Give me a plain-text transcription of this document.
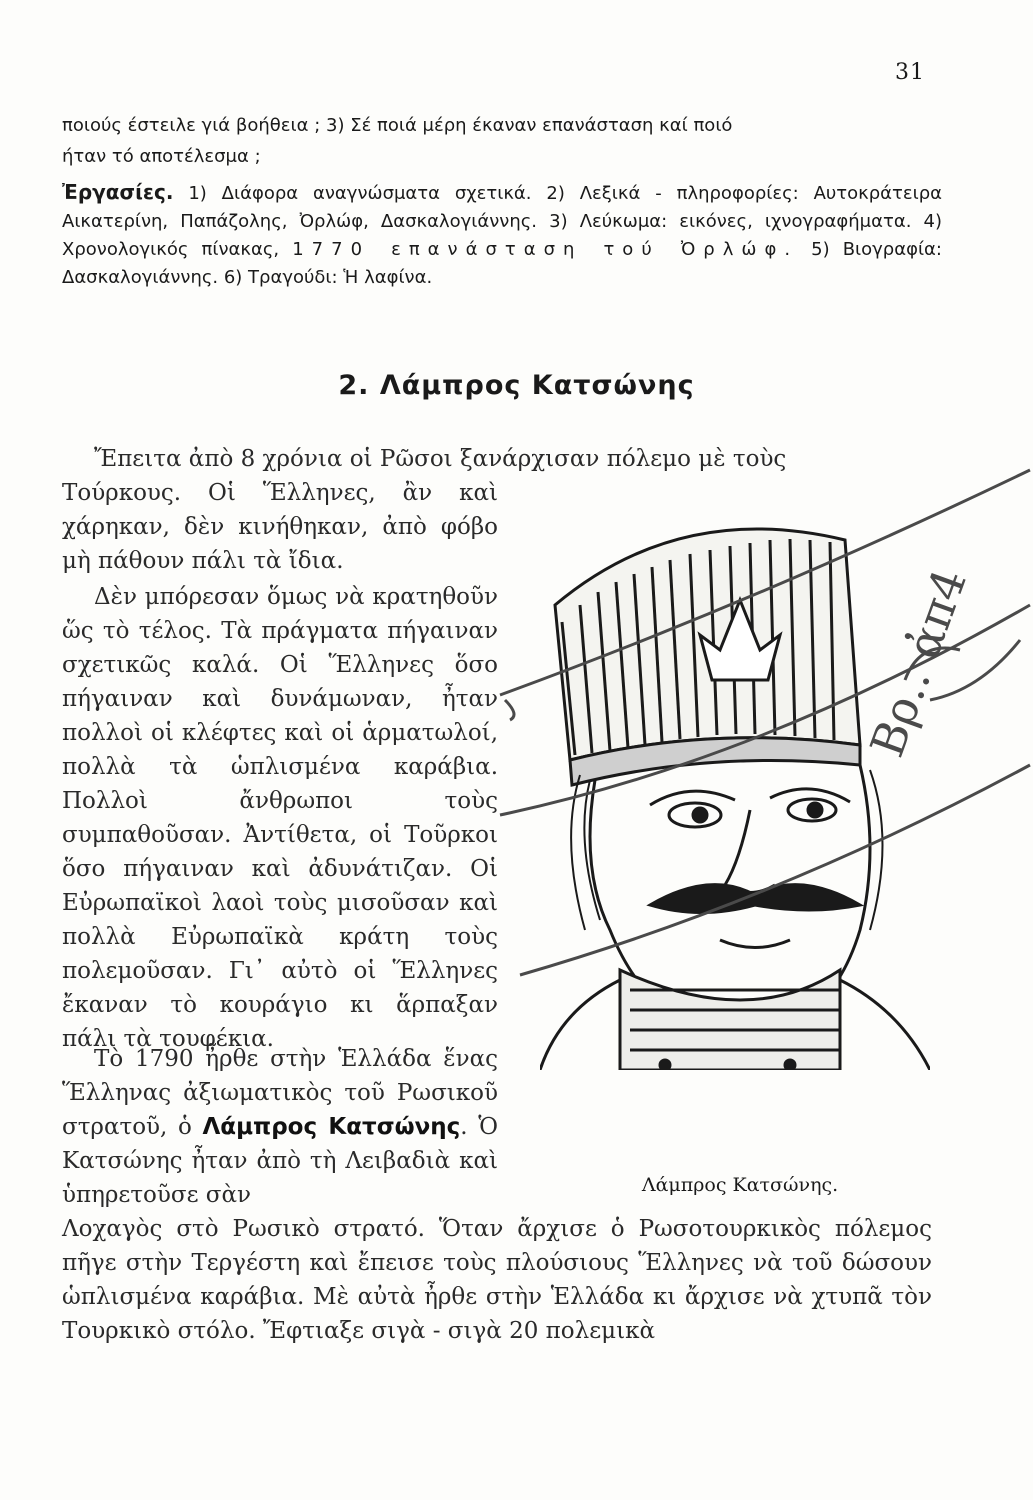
31
ποιούς έστειλε γιά βοήθεια ; 3) Σέ ποιά μέρη έκαναν επανάσταση καί ποιό
ήταν τό αποτέλεσμα ;
Ἐργασίες. 1) Διάφορα αναγνώσματα σχετικά. 2) Λεξικά - πληροφορίες: Αυτοκράτειρα Αικατερίνη, Παπάζολης, Ὀρλώφ, Δασκαλογιάννης. 3) Λεύκωμα: εικόνες, ιχνογραφήματα. 4) Χρονολογικός πίνακας, 1770 επανάσταση τού Ὀρλώφ. 5) Βιογραφία: Δασκαλογιάννης. 6) Τραγούδι: Ἡ λαφίνα.
2. Λάμπρος Κατσώνης
Ἔπειτα ἀπὸ 8 χρόνια οἱ Ρῶσοι ξανάρχισαν πόλεμο μὲ τοὺς

Τούρκους. Οἱ Ἕλληνες, ἂν καὶ χάρηκαν, δὲν κινήθηκαν, ἀπὸ φόβο μὴ πάθουν πάλι τὰ ἴδια.

Δὲν μπόρεσαν ὅμως νὰ κρατηθοῦν ὥς τὸ τέλος. Τὰ πράγματα πήγαιναν σχετικῶς καλά. Οἱ Ἕλληνες ὅσο πήγαιναν καὶ δυνάμωναν, ἦταν πολλοὶ οἱ κλέφτες καὶ οἱ ἁρματωλοί, πολλὰ τὰ ὡπλισμένα καράβια. Πολλοὶ ἄνθρωποι τοὺς συμπαθοῦσαν. Ἀντίθετα, οἱ Τοῦρκοι ὅσο πήγαιναν καὶ ἀδυνάτιζαν. Οἱ Εὐρωπαϊκοὶ λαοὶ τοὺς μισοῦσαν καὶ πολλὰ Εὐρωπαϊκὰ κράτη τοὺς πολεμοῦσαν. Γι᾿ αὐτὸ οἱ Ἕλληνες ἔκαναν τὸ κουράγιο κι ἅρπαξαν πάλι τὰ τουφέκια.

Τὸ 1790 ἦρθε στὴν Ἑλλάδα ἕνας Ἕλληνας ἀξιωματικὸς τοῦ Ρωσικοῦ στρατοῦ, ὁ Λάμπρος Κατσώνης. Ὁ Κατσώνης ἦταν ἀπὸ τὴ Λειβαδιὰ καὶ ὑπηρετοῦσε σὰν

Λοχαγὸς στὸ Ρωσικὸ στρατό. Ὅταν ἄρχισε ὁ Ρωσοτουρκικὸς πόλεμος πῆγε στὴν Τεργέστη καὶ ἔπεισε τοὺς πλούσιους Ἕλληνες νὰ τοῦ δώσουν ὡπλισμένα καράβια. Μὲ αὐτὰ ἦρθε στὴν Ἑλλάδα κι ἄρχισε νὰ χτυπᾶ τὸν Τουρκικὸ στόλο. Ἔφτιαξε σιγὰ - σιγὰ 20 πολεμικὰ
Λάμπρος Κατσώνης.
Βρ.. ἀπ4
